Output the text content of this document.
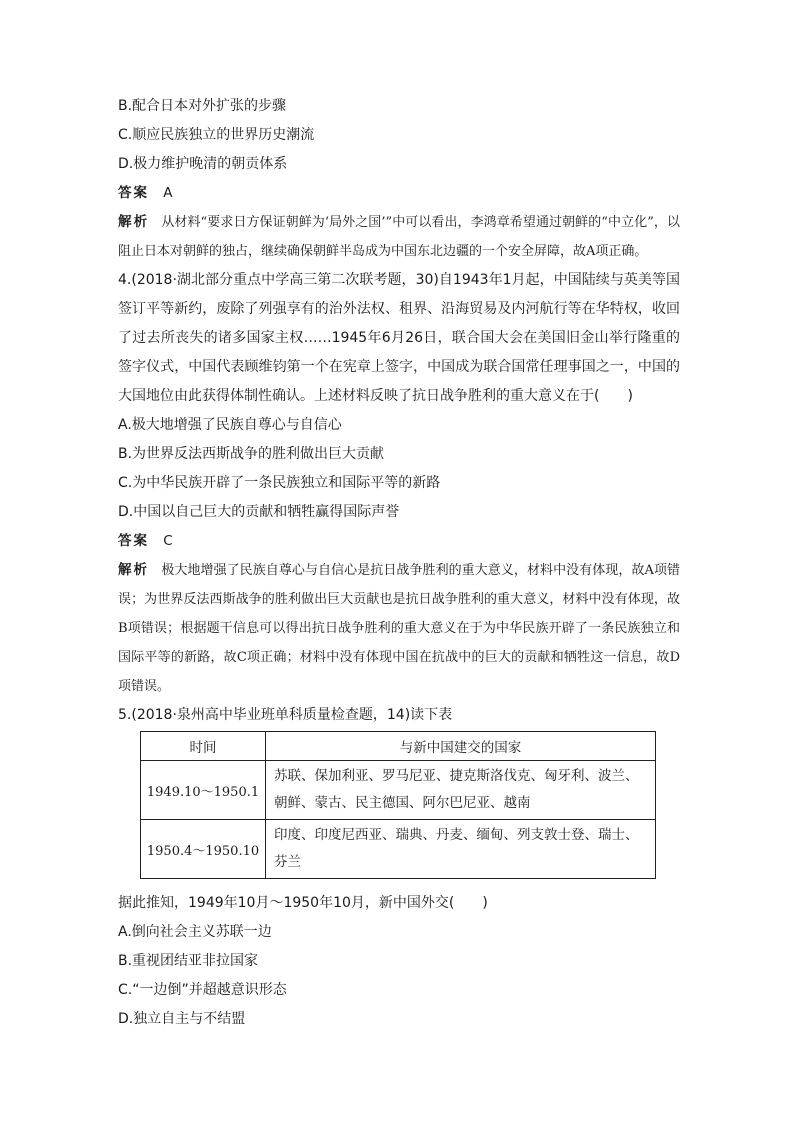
B.配合日本对外扩张的步骤
C.顺应民族独立的世界历史潮流
D.极力维护晚清的朝贡体系
答案 A
解析 从材料“要求日方保证朝鲜为‘局外之国’”中可以看出，李鸿章希望通过朝鲜的“中立化”，以阻止日本对朝鲜的独占，继续确保朝鲜半岛成为中国东北边疆的一个安全屏障，故A项正确。
4.(2018·湖北部分重点中学高三第二次联考题，30)自1943年1月起，中国陆续与英美等国签订平等新约，废除了列强享有的治外法权、租界、沿海贸易及内河航行等在华特权，收回了过去所丧失的诸多国家主权……1945年6月26日，联合国大会在美国旧金山举行隆重的签字仪式，中国代表顾维钧第一个在宪章上签字，中国成为联合国常任理事国之一，中国的大国地位由此获得体制性确认。上述材料反映了抗日战争胜利的重大意义在于(　　)
A.极大地增强了民族自尊心与自信心
B.为世界反法西斯战争的胜利做出巨大贡献
C.为中华民族开辟了一条民族独立和国际平等的新路
D.中国以自己巨大的贡献和牺牲赢得国际声誉
答案 C
解析 极大地增强了民族自尊心与自信心是抗日战争胜利的重大意义，材料中没有体现，故A项错误；为世界反法西斯战争的胜利做出巨大贡献也是抗日战争胜利的重大意义，材料中没有体现，故B项错误；根据题干信息可以得出抗日战争胜利的重大意义在于为中华民族开辟了一条民族独立和国际平等的新路，故C项正确；材料中没有体现中国在抗战中的巨大的贡献和牺牲这一信息，故D项错误。
5.(2018·泉州高中毕业班单科质量检查题，14)读下表
时间	与新中国建交的国家
1949.10～1950.1	苏联、保加利亚、罗马尼亚、捷克斯洛伐克、匈牙利、波兰、朝鲜、蒙古、民主德国、阿尔巴尼亚、越南
1950.4～1950.10	印度、印度尼西亚、瑞典、丹麦、缅甸、列支敦士登、瑞士、芬兰
据此推知，1949年10月～1950年10月，新中国外交(　　)
A.倒向社会主义苏联一边
B.重视团结亚非拉国家
C.“一边倒”并超越意识形态
D.独立自主与不结盟
